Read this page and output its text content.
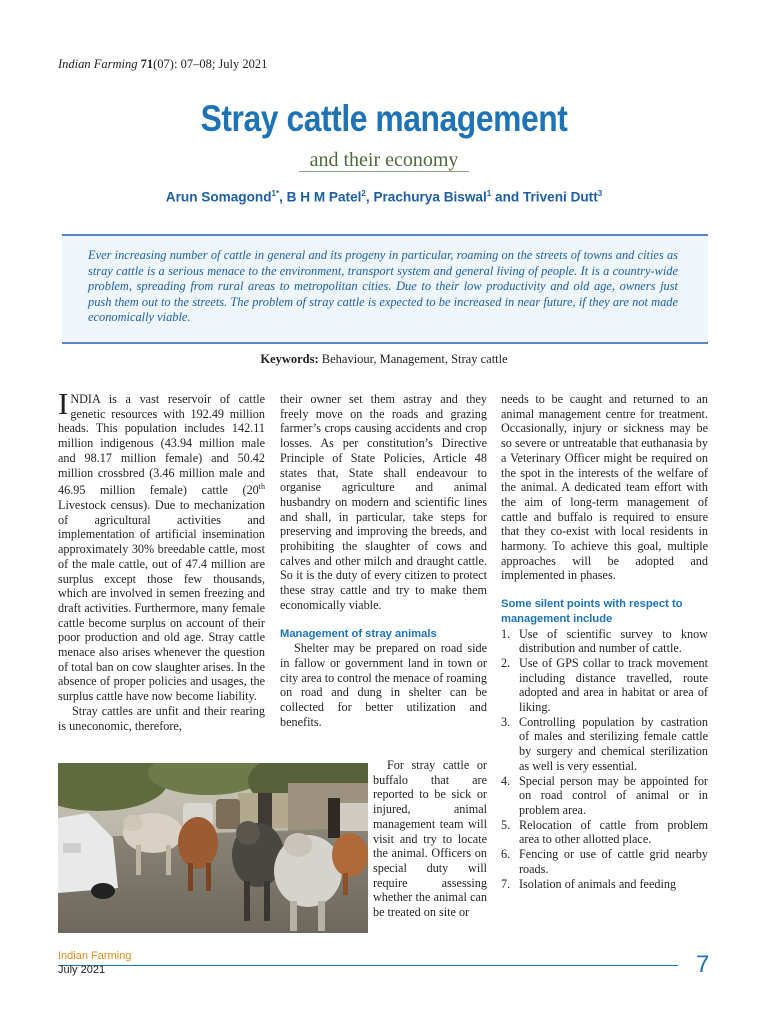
Indian Farming 71(07): 07–08; July 2021
Stray cattle management
and their economy
Arun Somagond$^{1*}$, B H M Patel$^2$, Prachurya Biswal$^1$ and Triveni Dutt$^3$
Ever increasing number of cattle in general and its progeny in particular, roaming on the streets of towns and cities as stray cattle is a serious menace to the environment, transport system and general living of people. It is a country-wide problem, spreading from rural areas to metropolitan cities. Due to their low productivity and old age, owners just push them out to the streets. The problem of stray cattle is expected to be increased in near future, if they are not made economically viable.
Keywords: Behaviour, Management, Stray cattle

INDIA is a vast reservoir of cattle genetic resources with 192.49 million heads. This population includes 142.11 million indigenous (43.94 million male and 98.17 million female) and 50.42 million crossbred (3.46 million male and 46.95 million female) cattle (20th Livestock census). Due to mechanization of agricultural activities and implementation of artificial insemination approximately 30% breedable cattle, most of the male cattle, out of 47.4 million are surplus except those few thousands, which are involved in semen freezing and draft activities. Furthermore, many female cattle become surplus on account of their poor production and old age. Stray cattle menace also arises whenever the question of total ban on cow slaughter arises. In the absence of proper policies and usages, the surplus cattle have now become liability.

Stray cattles are unfit and their rearing is uneconomic, therefore,

their owner set them astray and they freely move on the roads and grazing farmer’s crops causing accidents and crop losses. As per constitution’s Directive Principle of State Policies, Article 48 states that, State shall endeavour to organise agriculture and animal husbandry on modern and scientific lines and shall, in particular, take steps for preserving and improving the breeds, and prohibiting the slaughter of cows and calves and other milch and draught cattle. So it is the duty of every citizen to protect these stray cattle and try to make them economically viable.

Management of stray animals

Shelter may be prepared on road side in fallow or government land in town or city area to control the menace of roaming on road and dung in shelter can be collected for better utilization and benefits.

For stray cattle or buffalo that are reported to be sick or injured, animal management team will visit and try to locate the animal. Officers on special duty will require assessing whether the animal can be treated on site or

needs to be caught and returned to an animal management centre for treatment. Occasionally, injury or sickness may be so severe or untreatable that euthanasia by a Veterinary Officer might be required on the spot in the interests of the welfare of the animal. A dedicated team effort with the aim of long-term management of cattle and buffalo is required to ensure that they co-exist with local residents in harmony. To achieve this goal, multiple approaches will be adopted and implemented in phases.

Some silent points with respect to management include

1. Use of scientific survey to know distribution and number of cattle.
2. Use of GPS collar to track movement including distance travelled, route adopted and area in habitat or area of liking.
3. Controlling population by castration of males and sterilizing female cattle by surgery and chemical sterilization as well is very essential.
4. Special person may be appointed for on road control of animal or in problem area.
5. Relocation of cattle from problem area to other allotted place.
6. Fencing or use of cattle grid nearby roads.
7. Isolation of animals and feeding
Indian Farming
July 2021	7
